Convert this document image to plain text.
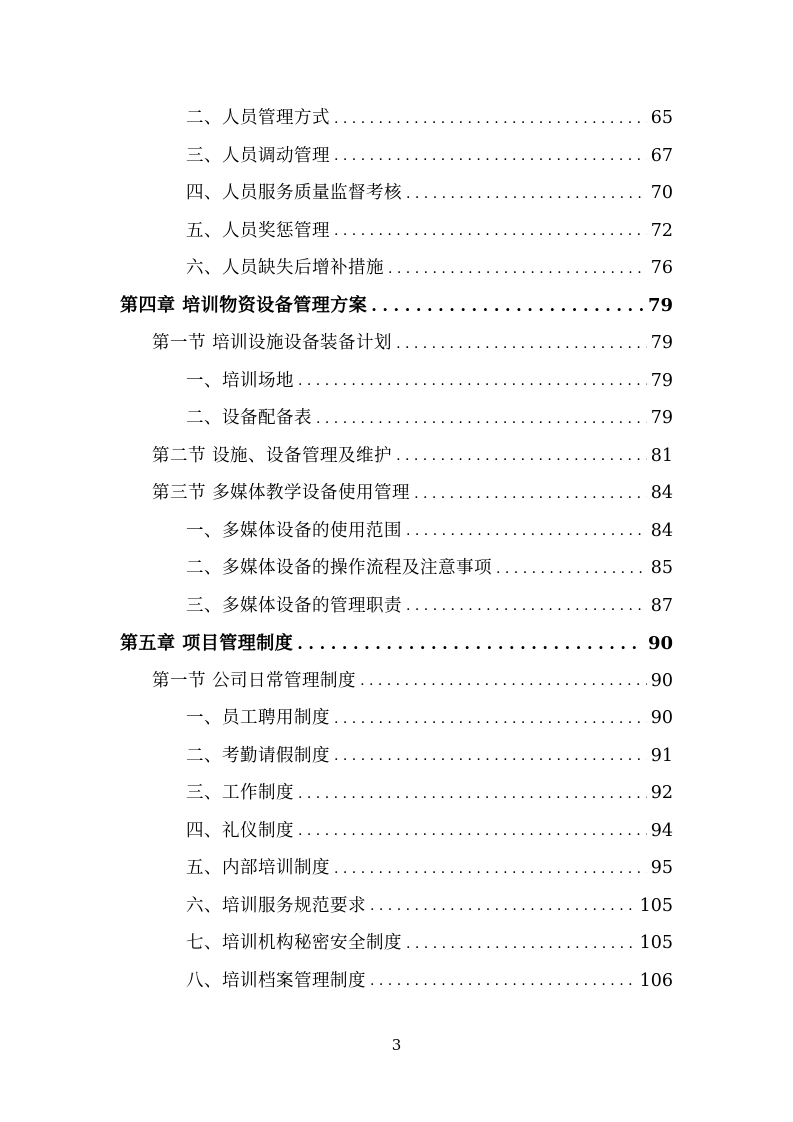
二、人员管理方式 . . .	65
三、人员调动管理 . . .	67
四、人员服务质量监督考核 . . .	70
五、人员奖惩管理 . . .	72
六、人员缺失后增补措施 . . .	76
第四章 培训物资设备管理方案 . . .	79
第一节 培训设施设备装备计划 . . .	79
一、培训场地 . . .	79
二、设备配备表 . . .	79
第二节 设施、设备管理及维护 . . .	81
第三节 多媒体教学设备使用管理 . . .	84
一、多媒体设备的使用范围 . . .	84
二、多媒体设备的操作流程及注意事项 . . .	85
三、多媒体设备的管理职责 . . .	87
第五章 项目管理制度 . . .	90
第一节 公司日常管理制度 . . .	90
一、员工聘用制度 . . .	90
二、考勤请假制度 . . .	91
三、工作制度 . . .	92
四、礼仪制度 . . .	94
五、内部培训制度 . . .	95
六、培训服务规范要求 . . .	105
七、培训机构秘密安全制度 . . .	105
八、培训档案管理制度 . . .	106
3
